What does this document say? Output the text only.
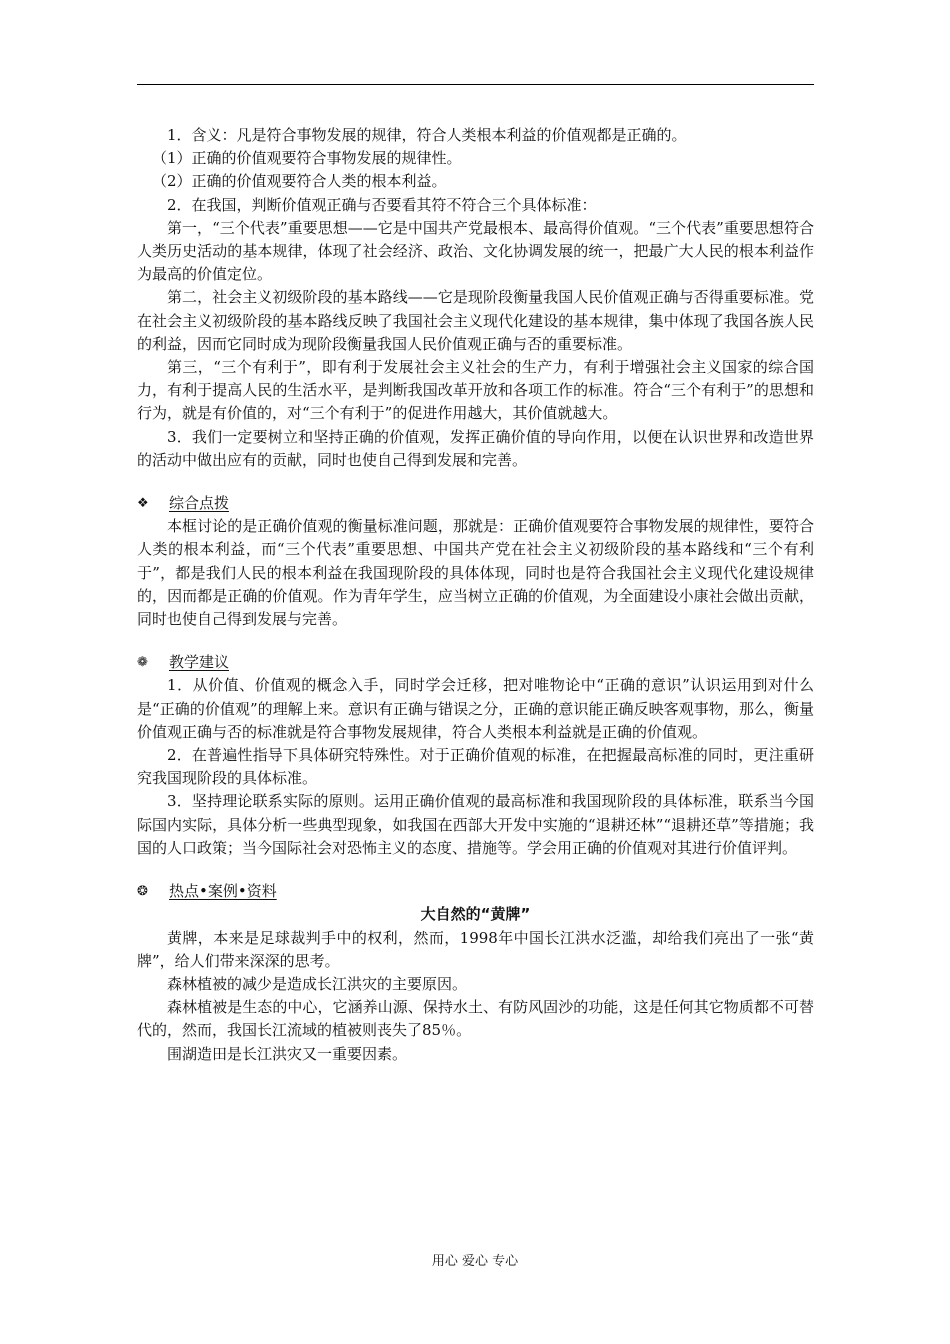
1．含义：凡是符合事物发展的规律，符合人类根本利益的价值观都是正确的。

（1）正确的价值观要符合事物发展的规律性。

（2）正确的价值观要符合人类的根本利益。

2．在我国，判断价值观正确与否要看其符不符合三个具体标准：

第一，“三个代表”重要思想——它是中国共产党最根本、最高得价值观。“三个代表”重要思想符合人类历史活动的基本规律，体现了社会经济、政治、文化协调发展的统一，把最广大人民的根本利益作为最高的价值定位。

第二，社会主义初级阶段的基本路线——它是现阶段衡量我国人民价值观正确与否得重要标准。党在社会主义初级阶段的基本路线反映了我国社会主义现代化建设的基本规律，集中体现了我国各族人民的利益，因而它同时成为现阶段衡量我国人民价值观正确与否的重要标准。

第三，“三个有利于”，即有利于发展社会主义社会的生产力，有利于增强社会主义国家的综合国力，有利于提高人民的生活水平，是判断我国改革开放和各项工作的标准。符合“三个有利于”的思想和行为，就是有价值的，对“三个有利于”的促进作用越大，其价值就越大。

3．我们一定要树立和坚持正确的价值观，发挥正确价值的导向作用，以便在认识世界和改造世界的活动中做出应有的贡献，同时也使自己得到发展和完善。

❖	综合点拨

本框讨论的是正确价值观的衡量标准问题，那就是：正确价值观要符合事物发展的规律性，要符合人类的根本利益，而“三个代表”重要思想、中国共产党在社会主义初级阶段的基本路线和“三个有利于”，都是我们人民的根本利益在我国现阶段的具体体现，同时也是符合我国社会主义现代化建设规律的，因而都是正确的价值观。作为青年学生，应当树立正确的价值观，为全面建设小康社会做出贡献，同时也使自己得到发展与完善。

❁	教学建议

1．从价值、价值观的概念入手，同时学会迁移，把对唯物论中“正确的意识”认识运用到对什么是“正确的价值观”的理解上来。意识有正确与错误之分，正确的意识能正确反映客观事物，那么，衡量价值观正确与否的标准就是符合事物发展规律，符合人类根本利益就是正确的价值观。

2．在普遍性指导下具体研究特殊性。对于正确价值观的标准，在把握最高标准的同时，更注重研究我国现阶段的具体标准。

3．坚持理论联系实际的原则。运用正确价值观的最高标准和我国现阶段的具体标准，联系当今国际国内实际，具体分析一些典型现象，如我国在西部大开发中实施的“退耕还林”“退耕还草”等措施；我国的人口政策；当今国际社会对恐怖主义的态度、措施等。学会用正确的价值观对其进行价值评判。

❂	热点•案例•资料

大自然的“黄牌”

黄牌，本来是足球裁判手中的权利，然而，1998年中国长江洪水泛滥，却给我们亮出了一张“黄牌”，给人们带来深深的思考。

森林植被的减少是造成长江洪灾的主要原因。

森林植被是生态的中心，它涵养山源、保持水土、有防风固沙的功能，这是任何其它物质都不可替代的，然而，我国长江流域的植被则丧失了85％。

围湖造田是长江洪灾又一重要因素。

用心 爱心 专心
